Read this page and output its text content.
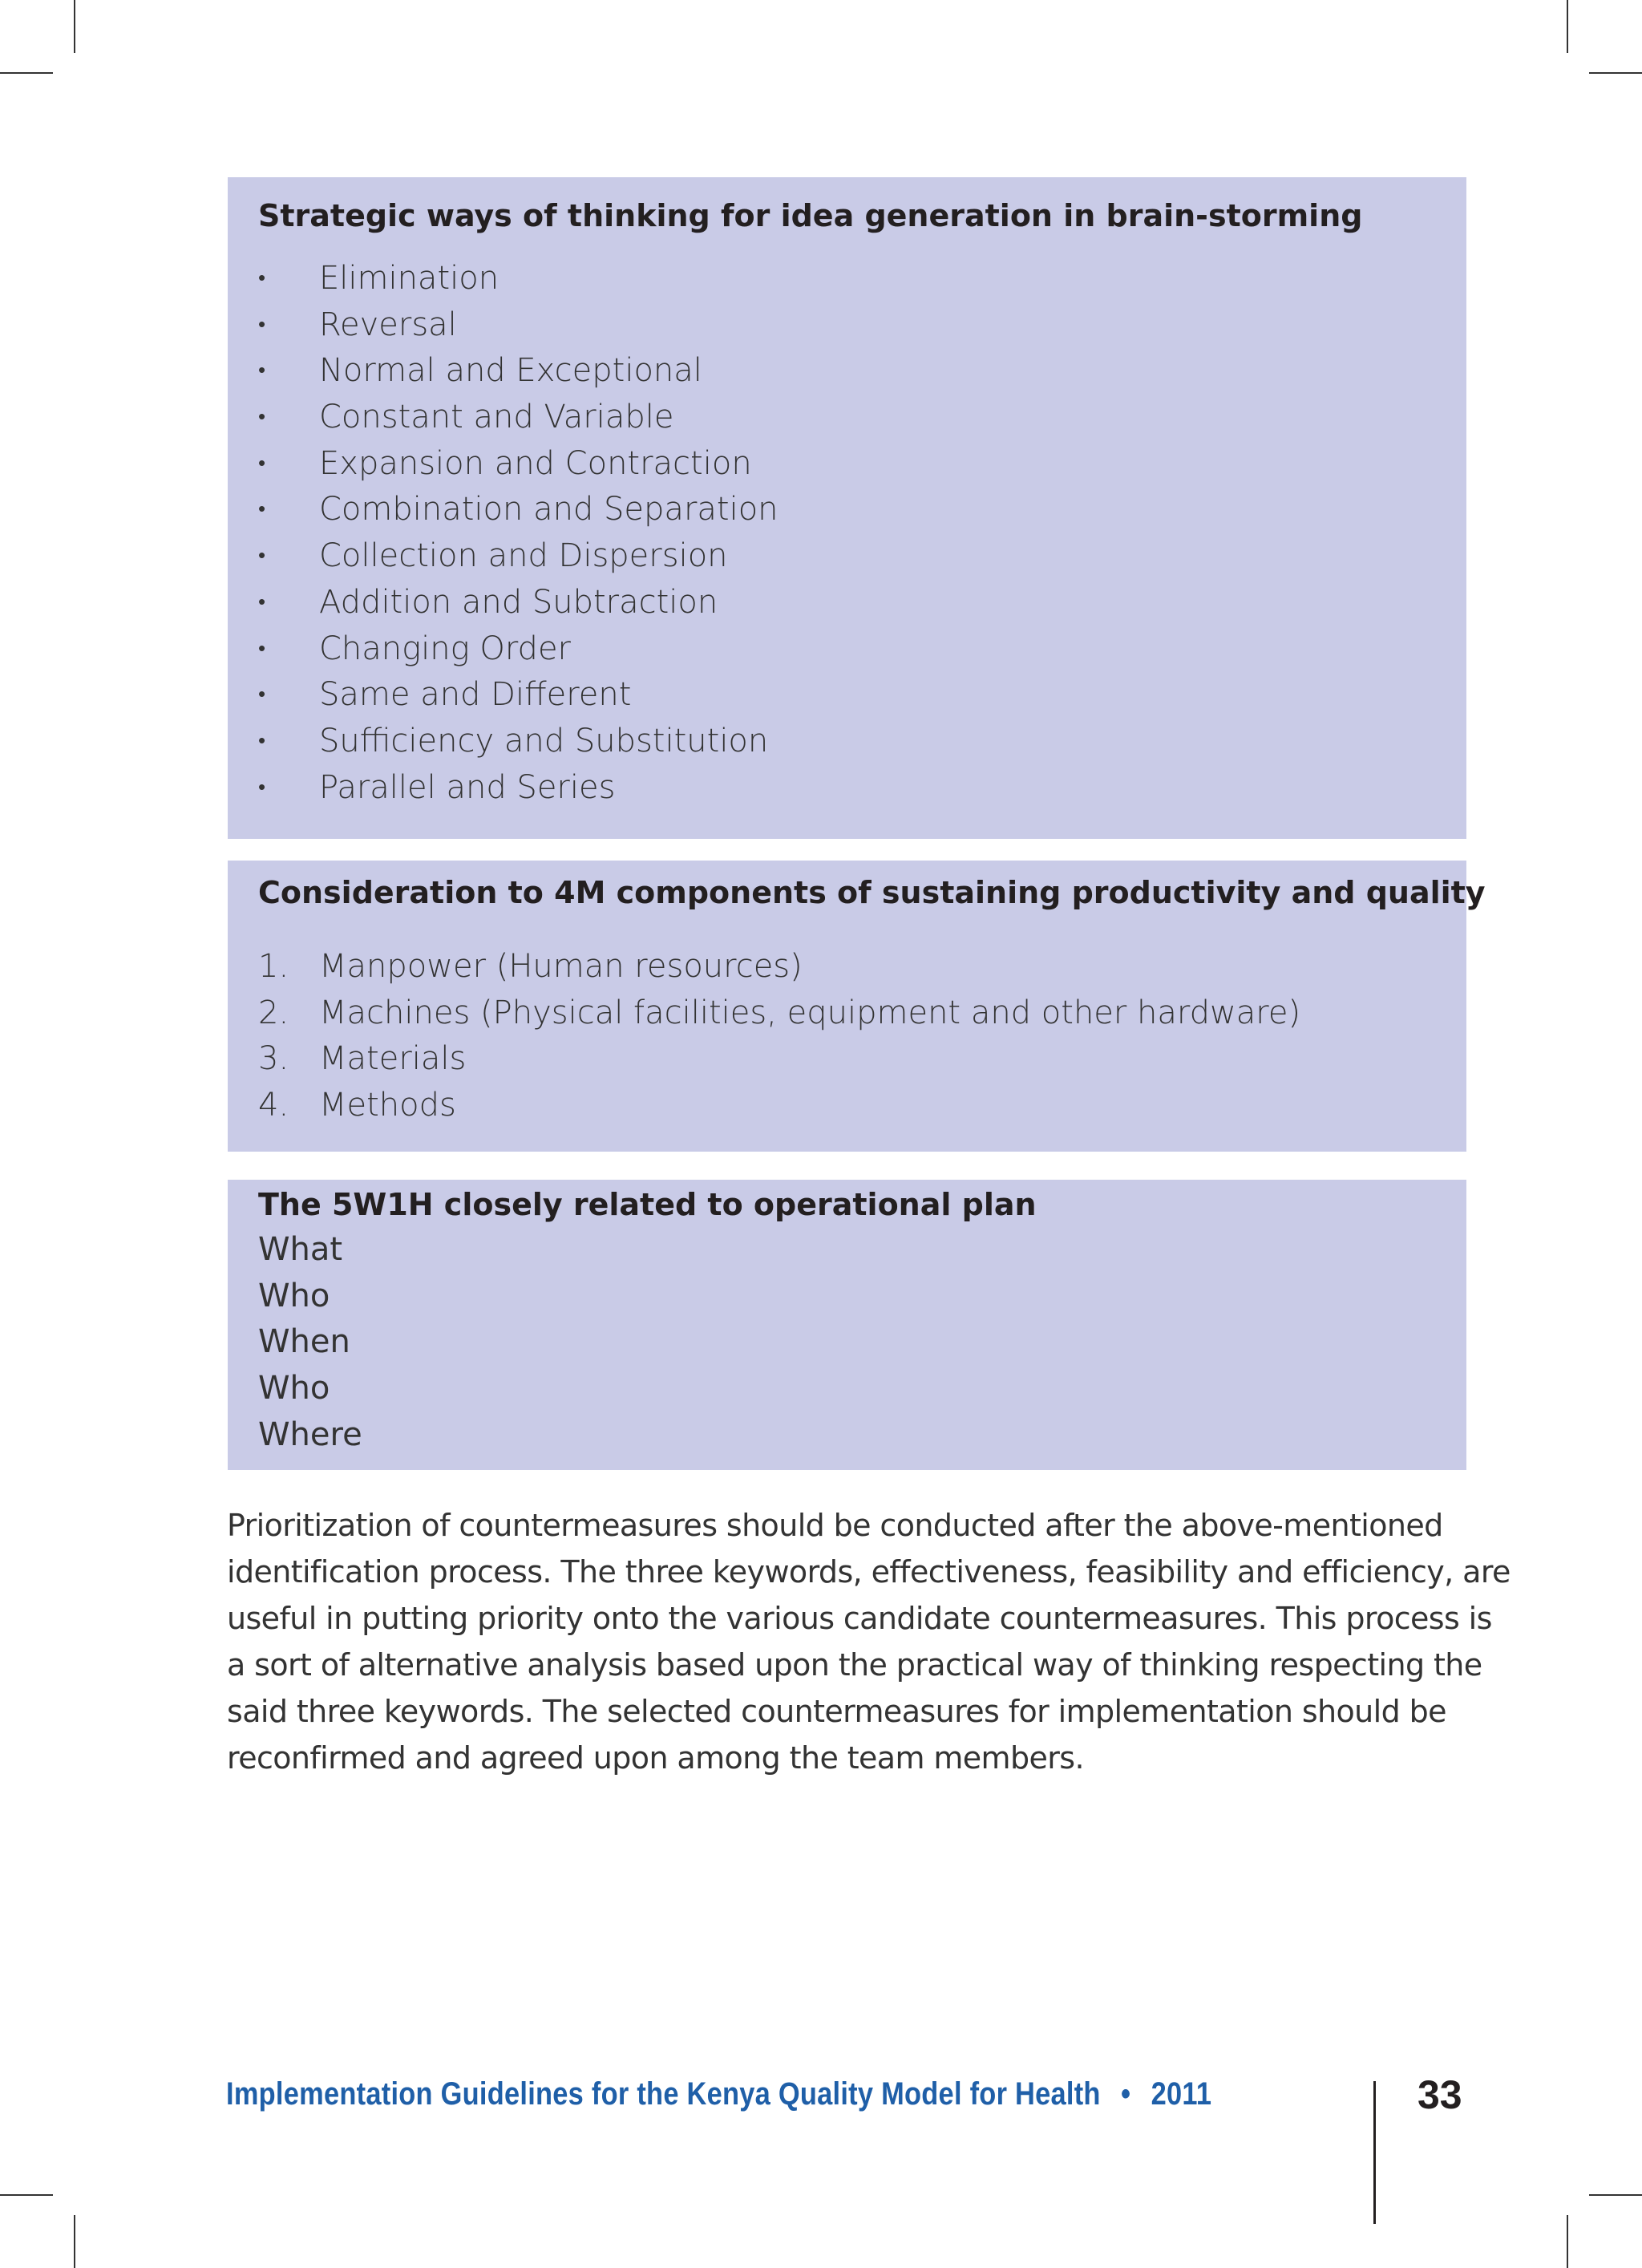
Strategic ways of thinking for idea generation in brain-storming
• Elimination
• Reversal
• Normal and Exceptional
• Constant and Variable
• Expansion and Contraction
• Combination and Separation
• Collection and Dispersion
• Addition and Subtraction
• Changing Order
• Same and Different
• Sufficiency and Substitution
• Parallel and Series
Consideration to 4M components of sustaining productivity and quality
1. Manpower (Human resources)
2. Machines (Physical facilities, equipment and other hardware)
3. Materials
4. Methods
The 5W1H closely related to operational plan
What
Who
When
Who
Where
Prioritization of countermeasures should be conducted after the above-mentioned
identification process. The three keywords, effectiveness, feasibility and efficiency, are
useful in putting priority onto the various candidate countermeasures. This process is
a sort of alternative analysis based upon the practical way of thinking respecting the
said three keywords. The selected countermeasures for implementation should be
reconfirmed and agreed upon among the team members.
Implementation Guidelines for the Kenya Quality Model for Health • 2011	33
